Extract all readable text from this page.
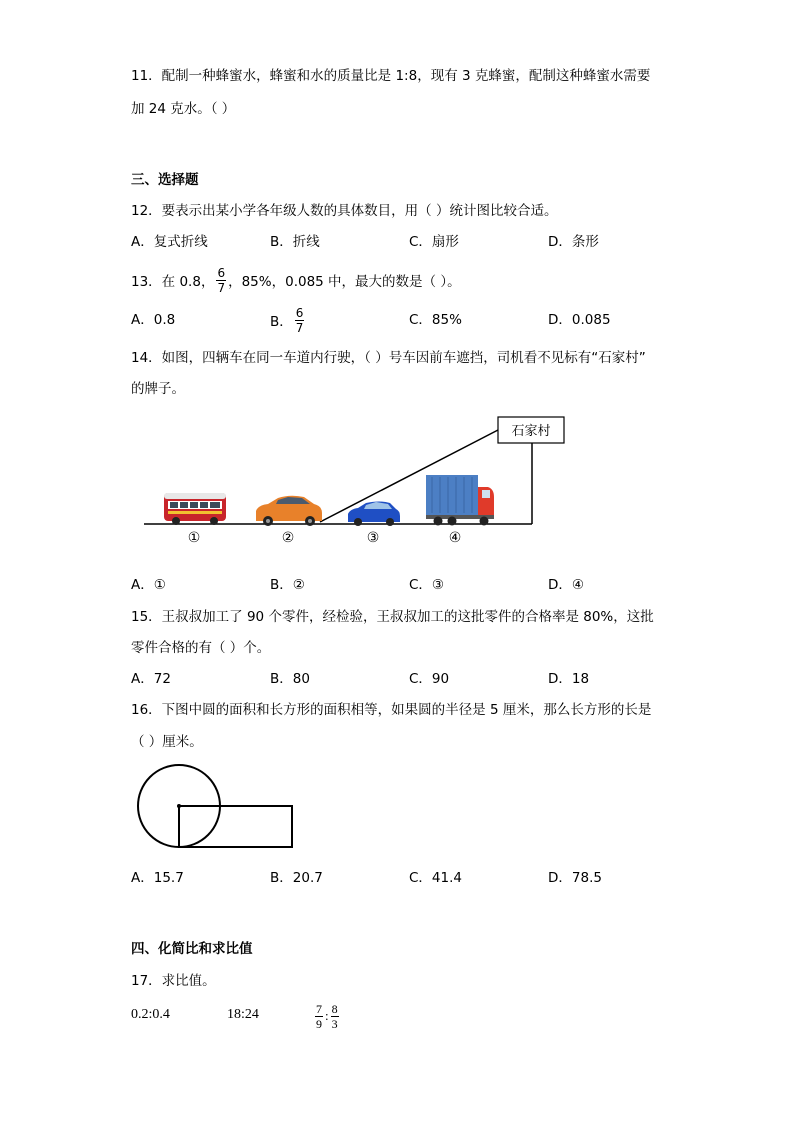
11．配制一种蜂蜜水，蜂蜜和水的质量比是 1:8，现有 3 克蜂蜜，配制这种蜂蜜水需要
加 24 克水。（ ）
三、选择题
12．要表示出某小学各年级人数的具体数目，用（ ）统计图比较合适。
A．复式折线	B．折线	C．扇形	D．条形
13．在 0.8， $\frac{6}{7}$ ，85%，0.085 中，最大的数是（ ）。
A．0.8	B． $\frac{6}{7}$	C．85%	D．0.085
14．如图，四辆车在同一车道内行驶，（ ）号车因前车遮挡，司机看不见标有“石家村”
的牌子。
石家村
①	②	③	④
A．①	B．②	C．③	D．④
15．王叔叔加工了 90 个零件，经检验，王叔叔加工的这批零件的合格率是 80%，这批
零件合格的有（ ）个。
A．72	B．80	C．90	D．18
16．下图中圆的面积和长方形的面积相等，如果圆的半径是 5 厘米，那么长方形的长是
（ ）厘米。
A．15.7	B．20.7	C．41.4	D．78.5
四、化简比和求比值
17．求比值。
0.2:0.4	18:24	$\frac{7}{9}$ : $\frac{8}{3}$
